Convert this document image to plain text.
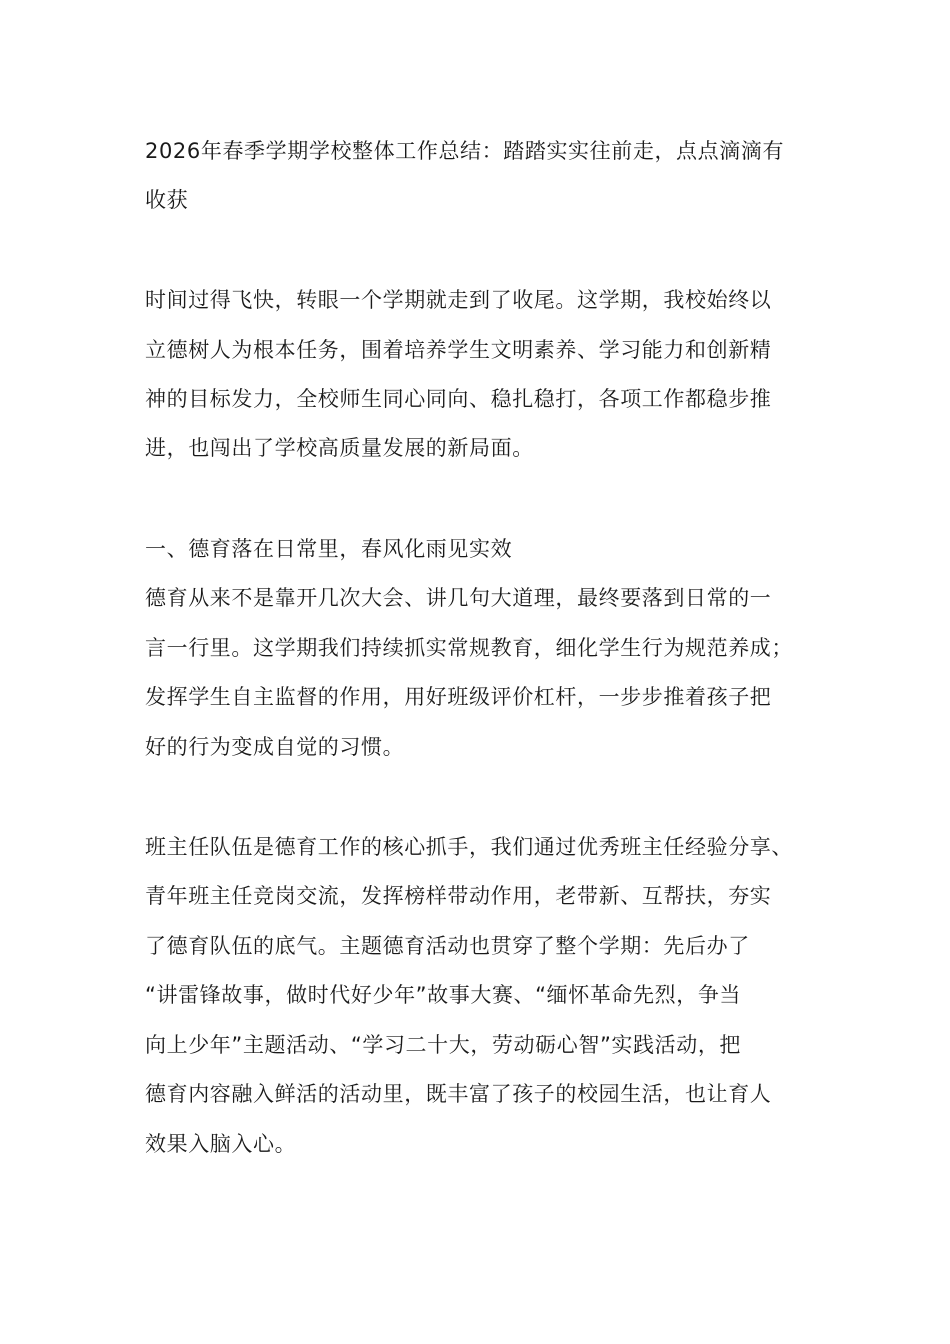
2026年春季学期学校整体工作总结：踏踏实实往前走，点点滴滴有
收获
时间过得飞快，转眼一个学期就走到了收尾。这学期，我校始终以
立德树人为根本任务，围着培养学生文明素养、学习能力和创新精
神的目标发力，全校师生同心同向、稳扎稳打，各项工作都稳步推
进，也闯出了学校高质量发展的新局面。
一、德育落在日常里，春风化雨见实效
德育从来不是靠开几次大会、讲几句大道理，最终要落到日常的一
言一行里。这学期我们持续抓实常规教育，细化学生行为规范养成；
发挥学生自主监督的作用，用好班级评价杠杆，一步步推着孩子把
好的行为变成自觉的习惯。
班主任队伍是德育工作的核心抓手，我们通过优秀班主任经验分享、
青年班主任竞岗交流，发挥榜样带动作用，老带新、互帮扶，夯实
了德育队伍的底气。主题德育活动也贯穿了整个学期：先后办了
“讲雷锋故事，做时代好少年”故事大赛、“缅怀革命先烈，争当
向上少年”主题活动、“学习二十大，劳动砺心智”实践活动，把
德育内容融入鲜活的活动里，既丰富了孩子的校园生活，也让育人
效果入脑入心。
